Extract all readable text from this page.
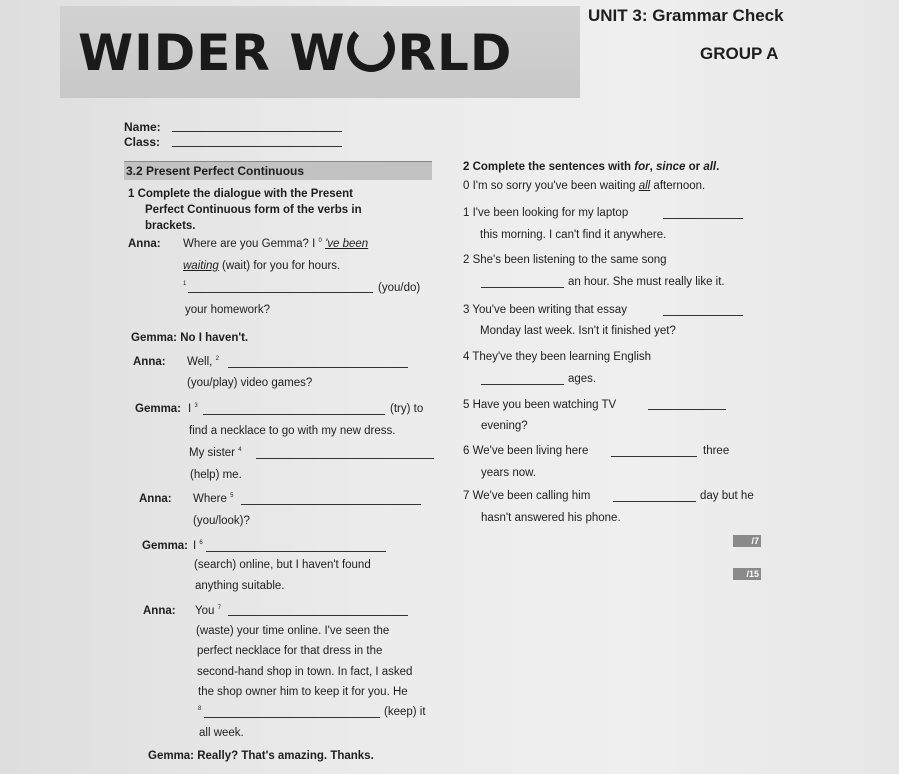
WIDER W RLD
UNIT 3: Grammar Check
GROUP A
Name:
Class:
3.2 Present Perfect Continuous
1 Complete the dialogue with the Present
Perfect Continuous form of the verbs in
brackets.
Anna: Where are you Gemma? I $^0$ 've been
waiting (wait) for you for hours.
$^1$	(you/do)
your homework?
Gemma: No I haven't.
Anna: Well, $^2$
(you/play) video games?
Gemma: I $^3$	(try) to
find a necklace to go with my new dress.
My sister $^4$
(help) me.
Anna: Where $^5$
(you/look)?
Gemma: I $^6$
(search) online, but I haven't found
anything suitable.
Anna: You $^7$
(waste) your time online. I've seen the
perfect necklace for that dress in the
second-hand shop in town. In fact, I asked
the shop owner him to keep it for you. He
$^8$	(keep) it
all week.
Gemma: Really? That's amazing. Thanks.
2 Complete the sentences with for, since or all.
0 I'm so sorry you've been waiting all afternoon.
1 I've been looking for my laptop
this morning. I can't find it anywhere.
2 She's been listening to the same song
an hour. She must really like it.
3 You've been writing that essay
Monday last week. Isn't it finished yet?
4 They've they been learning English
ages.
5 Have you been watching TV
evening?
6 We've been living here	three
years now.
7 We've been calling him	day but he
hasn't answered his phone.
/7
/15
